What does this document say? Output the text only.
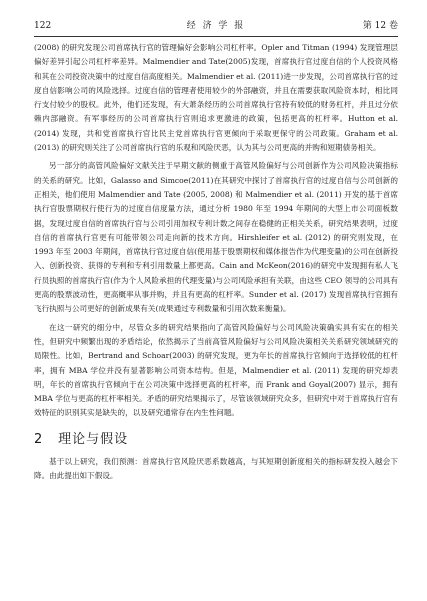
122	经 济 学 报	第 12 卷

(2008) 的研究发现公司首席执行官的管理偏好会影响公司杠杆率。Opler and Titman (1994) 发现管理层偏好差异引起公司杠杆率差异。Malmendier and Tate(2005)发现，首席执行官过度自信的个人投资风格和其在公司投资决策中的过度自信高度相关。Malmendier et al. (2011)进一步发现，公司首席执行官的过度自信影响公司的风险选择。过度自信的管理者使用较少的外部融资，并且在需要获取风险资本时，相比同行支付较少的股权。此外，他们还发现，有大萧条经历的公司首席执行官持有较低的财务杠杆，并且过分依赖内部融资。有军事经历的公司首席执行官则追求更激进的政策，包括更高的杠杆率。Hutton et al. (2014) 发现，共和党首席执行官比民主党首席执行官更倾向于采取更保守的公司政策。Graham et al. (2013) 的研究则关注了公司首席执行官的乐观和风险厌恶，认为其与公司更高的并购和短期债务相关。

另一部分的高管风险偏好文献关注于早期文献的侧重于高管风险偏好与公司创新作为公司风险决策指标的关系的研究。比如，Galasso and Simcoe(2011)在其研究中探讨了首席执行官的过度自信与公司创新的正相关，他们使用 Malmendier and Tate (2005, 2008) 和 Malmendier et al. (2011) 开发的基于首席执行官股票期权行使行为的过度自信度量方法，通过分析 1980 年至 1994 年期间的大型上市公司面板数据，发现过度自信的首席执行官与公司引用加权专利计数之间存在稳健的正相关关系，研究结果表明，过度自信的首席执行官更有可能带领公司走向新的技术方向。Hirshleifer et al. (2012) 的研究则发现，在 1993 年至 2003 年期间，首席执行官过度自信(使用基于股票期权和媒体报告作为代理变量)的公司在创新投入、创新投资、获得的专利和专利引用数量上都更高。Cain and McKeon(2016)的研究中发现拥有私人飞行员执照的首席执行官(作为个人风险承担的代理变量)与公司风险承担有关联，由这些 CEO 领导的公司具有更高的股票波动性，更高概率从事并购，并且有更高的杠杆率。Sunder et al. (2017) 发现首席执行官拥有飞行执照与公司更好的创新成果有关(成果通过专利数量和引用次数来衡量)。

在这一研究的细分中，尽管众多的研究结果指向了高管风险偏好与公司风险决策确实具有实在的相关性，但研究中频繁出现的矛盾结论，依然揭示了当前高管风险偏好与公司风险决策相关关系研究领域研究的局限性。比如，Bertrand and Schoar(2003) 的研究发现，更为年长的首席执行官倾向于选择较低的杠杆率，拥有 MBA 学位并没有显著影响公司资本结构。但是，Malmendier et al. (2011) 发现的研究却表明，年长的首席执行官倾向于在公司决策中选择更高的杠杆率，而 Frank and Goyal(2007) 显示，拥有 MBA 学位与更高的杠杆率相关。矛盾的研究结果揭示了，尽管该领域研究众多，但研究中对于首席执行官有效特征的识别其实是缺失的，以及研究通常存在内生性问题。

2 理论与假设

基于以上研究，我们预测：首席执行官风险厌恶系数越高，与其短期创新度相关的指标研发投入越会下降。由此提出如下假设。
